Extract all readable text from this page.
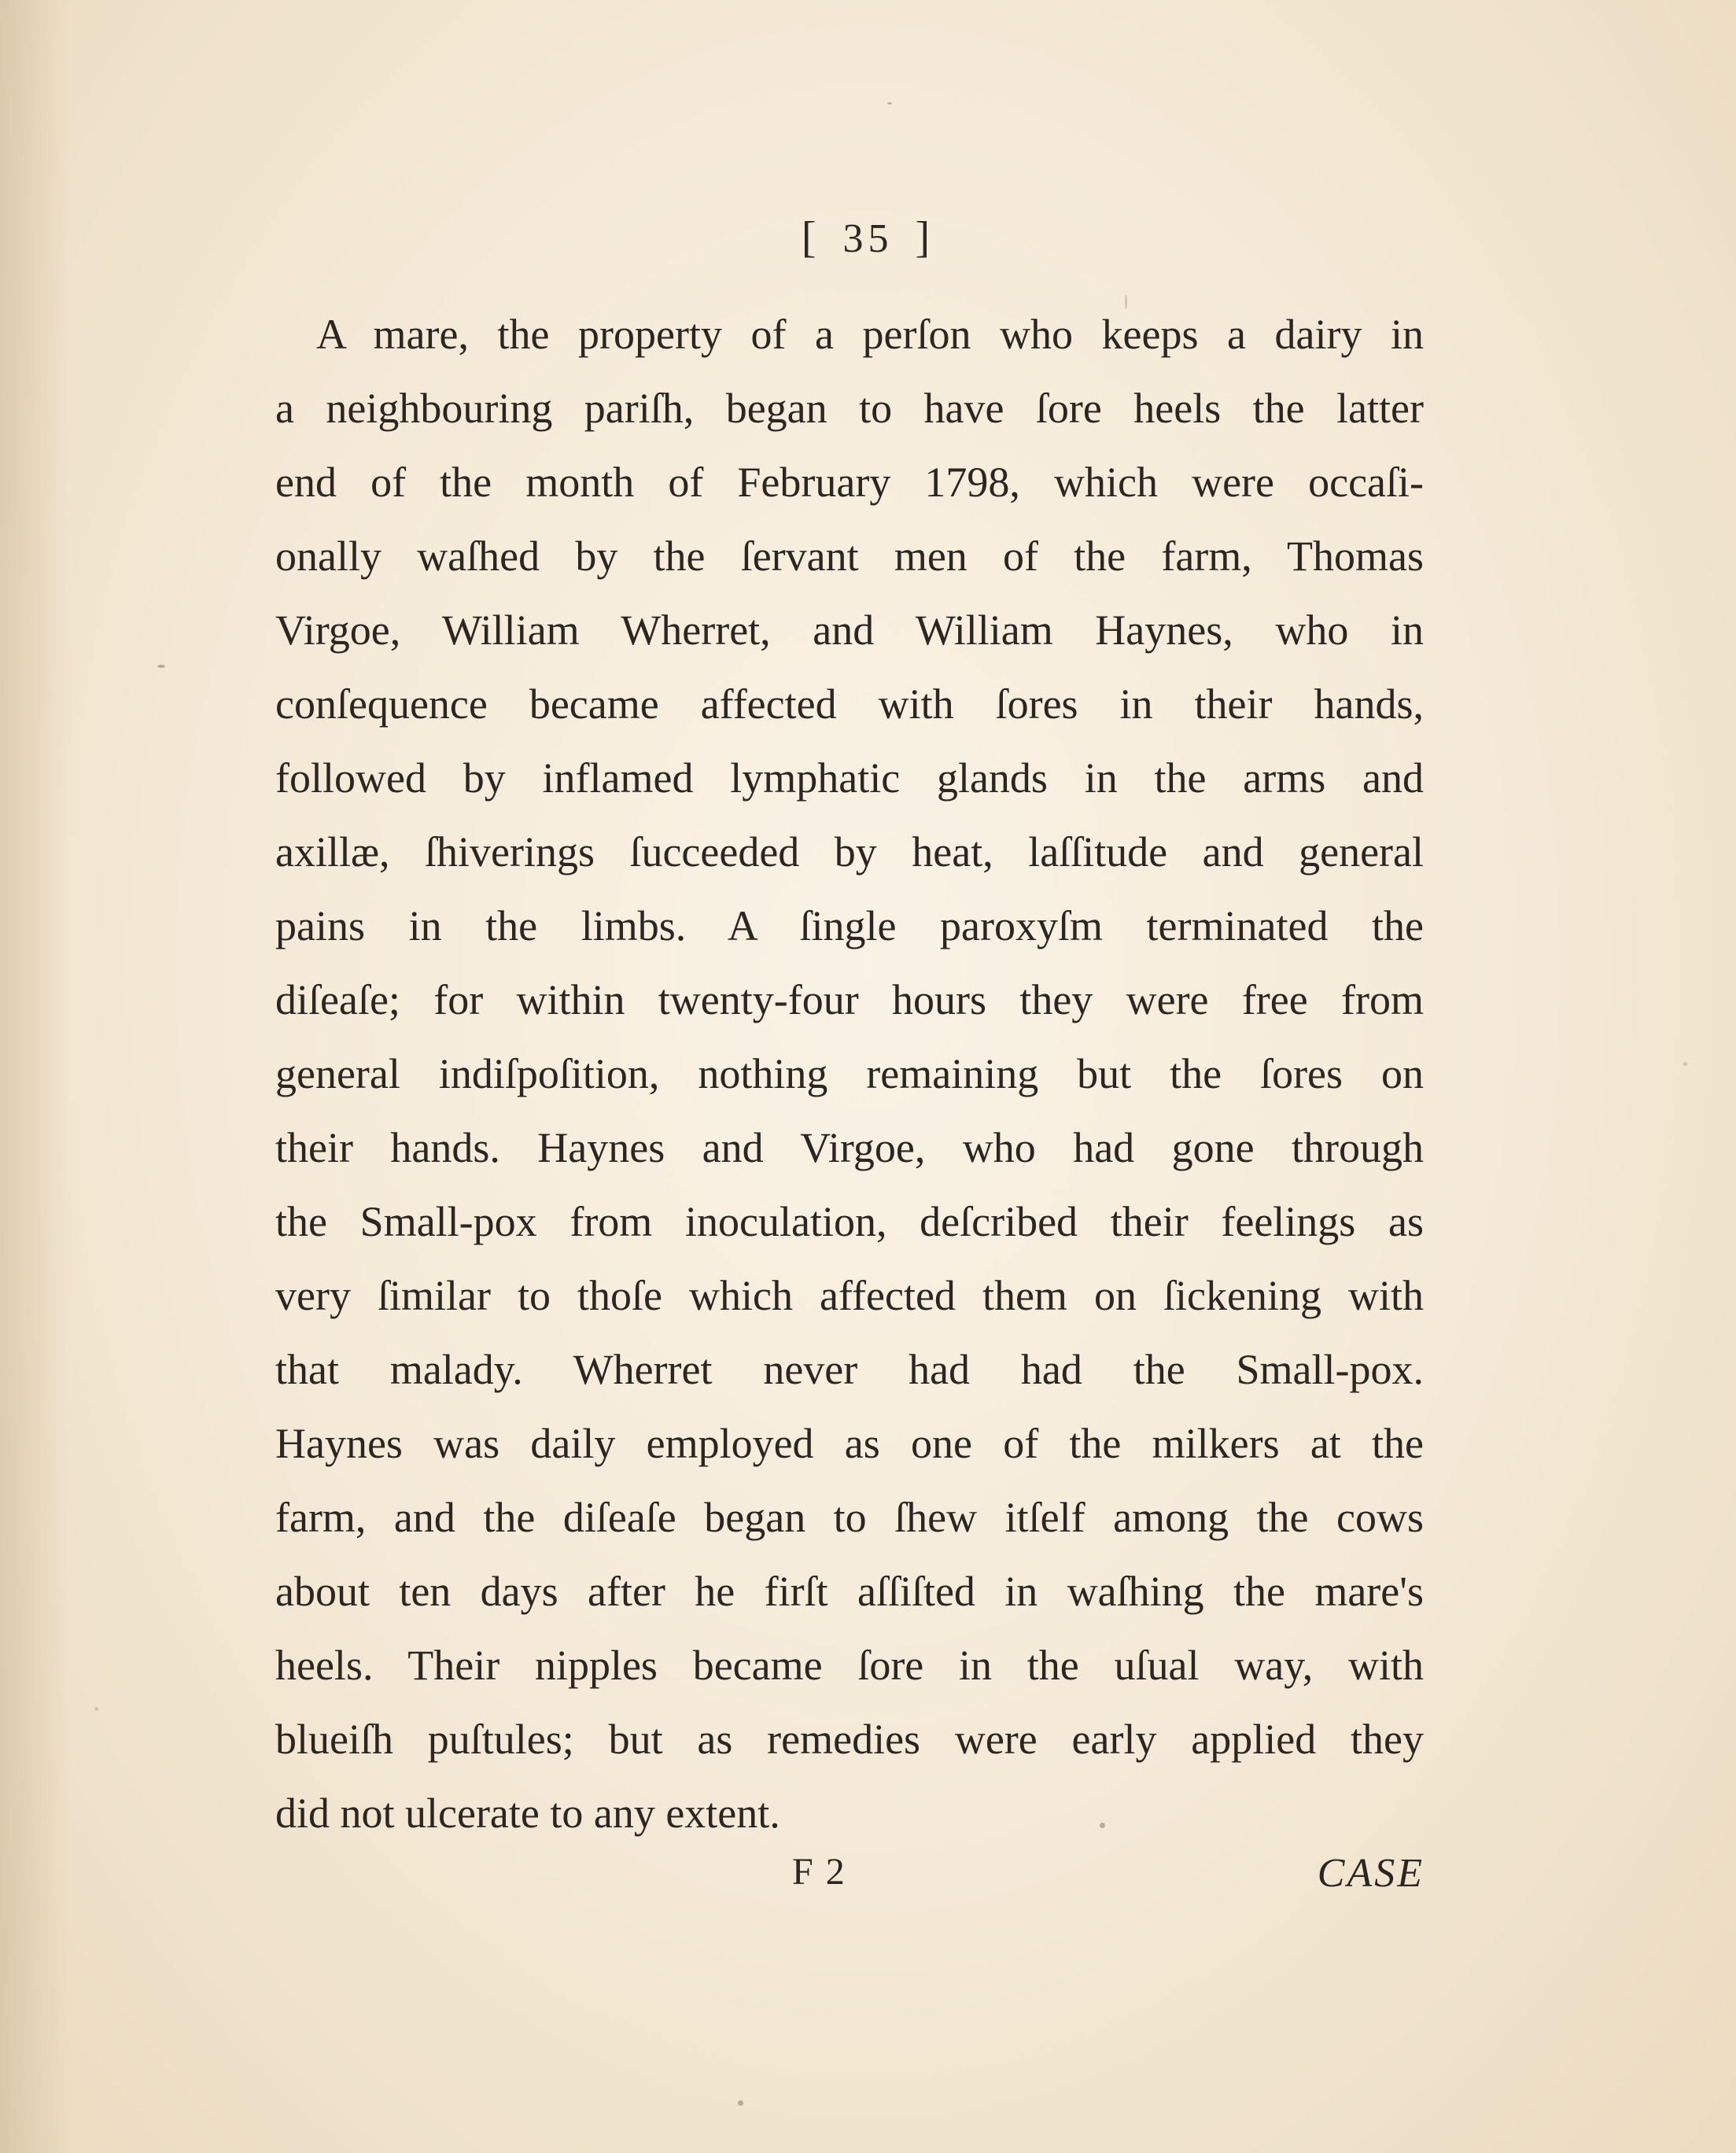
[ 35 ]
A mare, the property of a perſon who keeps a dairy in
a neighbouring pariſh, began to have ſore heels the latter
end of the month of February 1798, which were occaſi-
onally waſhed by the ſervant men of the farm, Thomas
Virgoe, William Wherret, and William Haynes, who in
conſequence became affected with ſores in their hands,
followed by inflamed lymphatic glands in the arms and
axillæ, ſhiverings ſucceeded by heat, laſſitude and general
pains in the limbs. A ſingle paroxyſm terminated the
diſeaſe; for within twenty-four hours they were free from
general indiſpoſition, nothing remaining but the ſores on
their hands. Haynes and Virgoe, who had gone through
the Small-pox from inoculation, deſcribed their feelings as
very ſimilar to thoſe which affected them on ſickening with
that malady. Wherret never had had the Small-pox.
Haynes was daily employed as one of the milkers at the
farm, and the diſeaſe began to ſhew itſelf among the cows
about ten days after he firſt aſſiſted in waſhing the mare's
heels. Their nipples became ſore in the uſual way, with
blueiſh puſtules; but as remedies were early applied they
did not ulcerate to any extent.
F 2	CASE
